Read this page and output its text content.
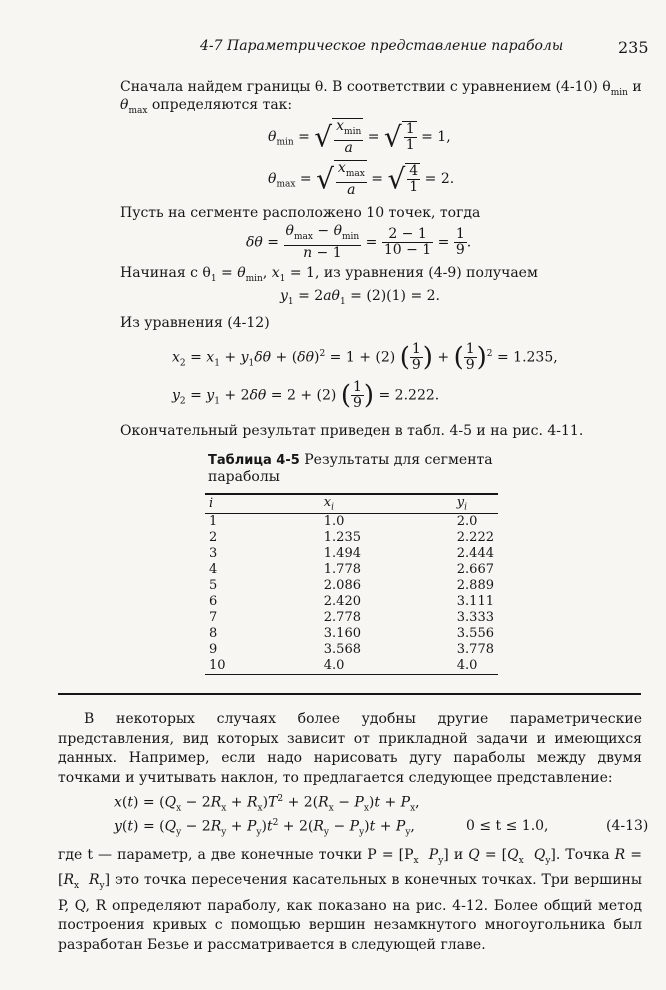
4-7 Параметрическое представление параболы	235
Сначала найдем границы θ. В соответствии с уравнением (4-10) $\theta_{min}$ и
$\theta_{max}$ определяются так:
$\theta_{min}$ = √ $\frac{x_{min}}{a}$ = √ $\frac{1}{1} = 1$,
$\theta_{max}$ = √ $\frac{x_{max}}{a}$ = √ $\frac{4}{1} = 2$.
Пусть на сегменте расположено 10 точек, тогда
$\delta\theta = \frac{\theta_{max} - \theta_{min}}{n - 1} = \frac{2 - 1}{10 - 1} = \frac{1}{9}$ .
Начиная с $\theta_1 = \theta_{min}$, $x_1 = 1$, из уравнения (4-9) получаем
$y_1 = 2a\theta_1 = (2)(1) = 2$.
Из уравнения (4-12)
$x_2 = x_1 + y_1\delta\theta + (\delta\theta)^2 = 1 + (2)$ ( $\frac{1}{9}$ ) + ( $\frac{1}{9} )^2 = 1.235$,
$y_2 = y_1 + 2\delta\theta = 2 + (2)$ ( $\frac{1}{9}$ ) = 2.222.
Окончательный результат приведен в табл. 4-5 и на рис. 4-11.
Таблица 4-5 Результаты для сегмента параболы
i	$x_i$	$y_i$
1	1.0	2.0
2	1.235	2.222
3	1.494	2.444
4	1.778	2.667
5	2.086	2.889
6	2.420	3.111
7	2.778	3.333
8	3.160	3.556
9	3.568	3.778
10	4.0	4.0
В некоторых случаях более удобны другие параметрические представления, вид которых зависит от прикладной задачи и имеющихся данных. Например, если надо нарисовать дугу параболы между двумя точками и учитывать наклон, то предлагается следующее представление:
$x(t) = (Q_x - 2R_x + R_x)T^2 + 2(R_x - P_x)t + P_x$,
$y(t) = (Q_y - 2R_y + P_y)t^2 + 2(R_y - P_y)t + P_y$,	0 ≤ t ≤ 1.0,	(4-13)
где t — параметр, а две конечные точки $P = [P_x$ $P_y$] и $Q = [Q_x$ $Q_y$]. Точка $R = [R_x$ $R_y$] это точка пересечения касательных в конечных точках. Три вершины P, Q, R определяют параболу, как показано на рис. 4-12. Более общий метод построения кривых с помощью вершин незамкнутого многоугольника был разработан Безье и рассматривается в следующей главе.
